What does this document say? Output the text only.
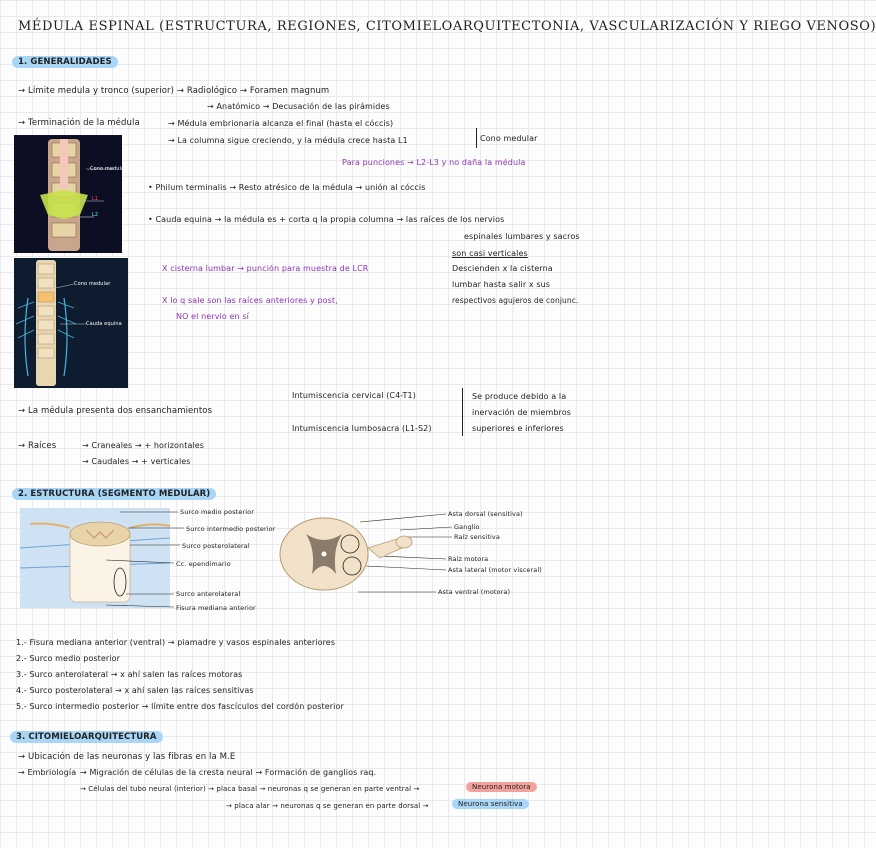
MÉDULA ESPINAL (ESTRUCTURA, REGIONES, CITOMIELOARQUITECTONIA, VASCULARIZACIÓN Y RIEGO VENOSO)
1. GENERALIDADES
→ Límite medula y tronco (superior) → Radiológico → Foramen magnum
→ Anatómico → Decusación de las pirámides
→ Terminación de la médula	→ Médula embrionaria alcanza el final (hasta el cóccis)
→ La columna sigue creciendo, y la médula crece hasta L1	Cono medular
Para punciones → L2-L3 y no daña la médula
Cono medular
L1
L2
Cono medular
Cauda equina
• Philum terminalis → Resto atrésico de la médula → unión al cóccis
• Cauda equina → la médula es + corta q la propia columna → las raíces de los nervios
espinales lumbares y sacros
son casi verticales
Descienden x la cisterna
lumbar hasta salir x sus
respectivos agujeros de conjunc.
X cisterna lumbar → punción para muestra de LCR
X lo q sale son las raíces anteriores y post,
NO el nervio en sí
→ La médula presenta dos ensanchamientos
Intumiscencia cervical (C4-T1)
Intumiscencia lumbosacra (L1-S2)
Se produce debido a la
inervación de miembros
superiores e inferiores
→ Raíces	→ Craneales → + horizontales
→ Caudales → + verticales
2. ESTRUCTURA (SEGMENTO MEDULAR)
Surco medio posterior
Surco intermedio posterior
Surco posterolateral
Cc. ependimario
Surco anterolateral
Fisura mediana anterior
Asta dorsal (sensitiva)
Ganglio
Raíz sensitiva
Raíz motora
Asta lateral (motor visceral)
Asta ventral (motora)
1.- Fisura mediana anterior (ventral) → piamadre y vasos espinales anteriores
2.- Surco medio posterior
3.- Surco anterolateral → x ahí salen las raíces motoras
4.- Surco posterolateral → x ahí salen las raíces sensitivas
5.- Surco intermedio posterior → límite entre dos fascículos del cordón posterior
3. CITOMIELOARQUITECTURA
→ Ubicación de las neuronas y las fibras en la M.E
→ Embriología → Migración de células de la cresta neural → Formación de ganglios raq.
→ Células del tubo neural (interior) → placa basal → neuronas q se generan en parte ventral →	Neurona motora
→ placa alar → neuronas q se generan en parte dorsal →	Neurona sensitiva
